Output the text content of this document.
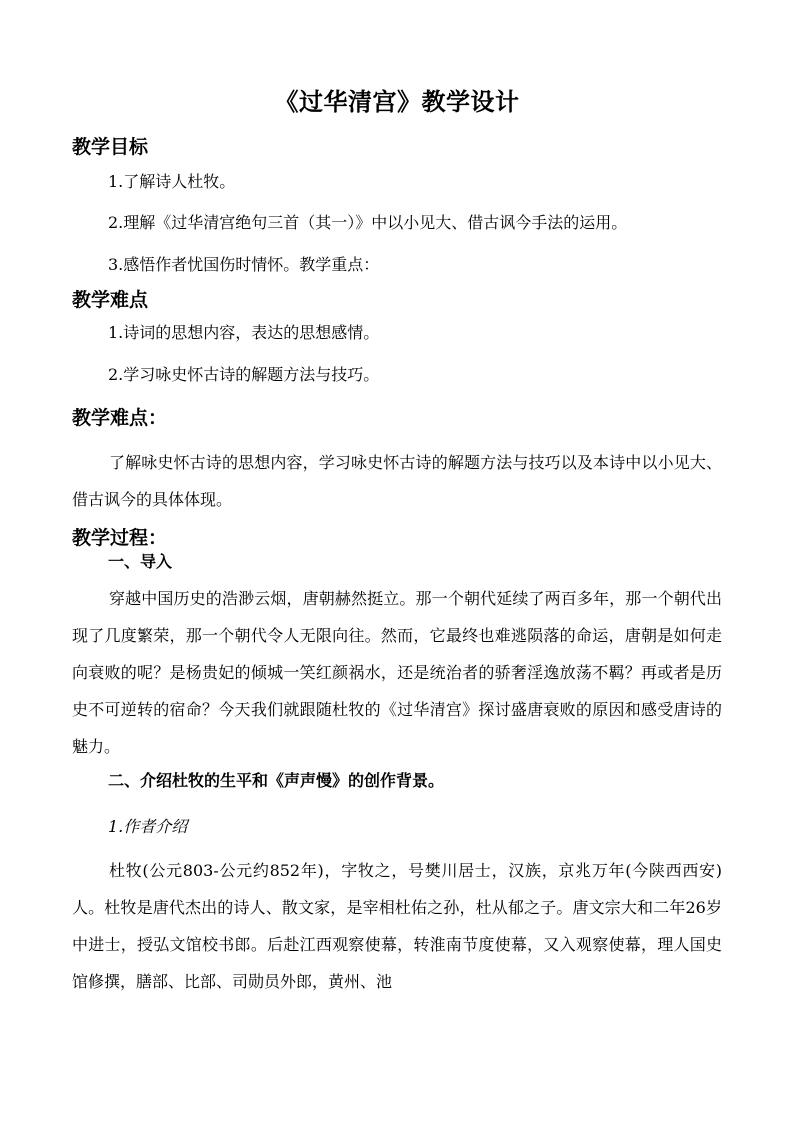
《过华清宫》教学设计
教学目标
1.了解诗人杜牧。
2.理解《过华清宫绝句三首（其一）》中以小见大、借古讽今手法的运用。
3.感悟作者忧国伤时情怀。教学重点：
教学难点
1.诗词的思想内容，表达的思想感情。
2.学习咏史怀古诗的解题方法与技巧。
教学难点：

了解咏史怀古诗的思想内容，学习咏史怀古诗的解题方法与技巧以及本诗中以小见大、借古讽今的具体体现。

教学过程：
一、导入

穿越中国历史的浩渺云烟，唐朝赫然挺立。那一个朝代延续了两百多年，那一个朝代出现了几度繁荣，那一个朝代令人无限向往。然而，它最终也难逃陨落的命运，唐朝是如何走向衰败的呢？是杨贵妃的倾城一笑红颜祸水，还是统治者的骄奢淫逸放荡不羁？再或者是历史不可逆转的宿命？今天我们就跟随杜牧的《过华清宫》探讨盛唐衰败的原因和感受唐诗的魅力。

二、介绍杜牧的生平和《声声慢》的创作背景。
1.作者介绍

杜牧(公元803-公元约852年)，字牧之，号樊川居士，汉族，京兆万年(今陕西西安)人。杜牧是唐代杰出的诗人、散文家，是宰相杜佑之孙，杜从郁之子。唐文宗大和二年26岁中进士，授弘文馆校书郎。后赴江西观察使幕，转淮南节度使幕，又入观察使幕，理人国史馆修撰，膳部、比部、司勋员外郎，黄州、池
